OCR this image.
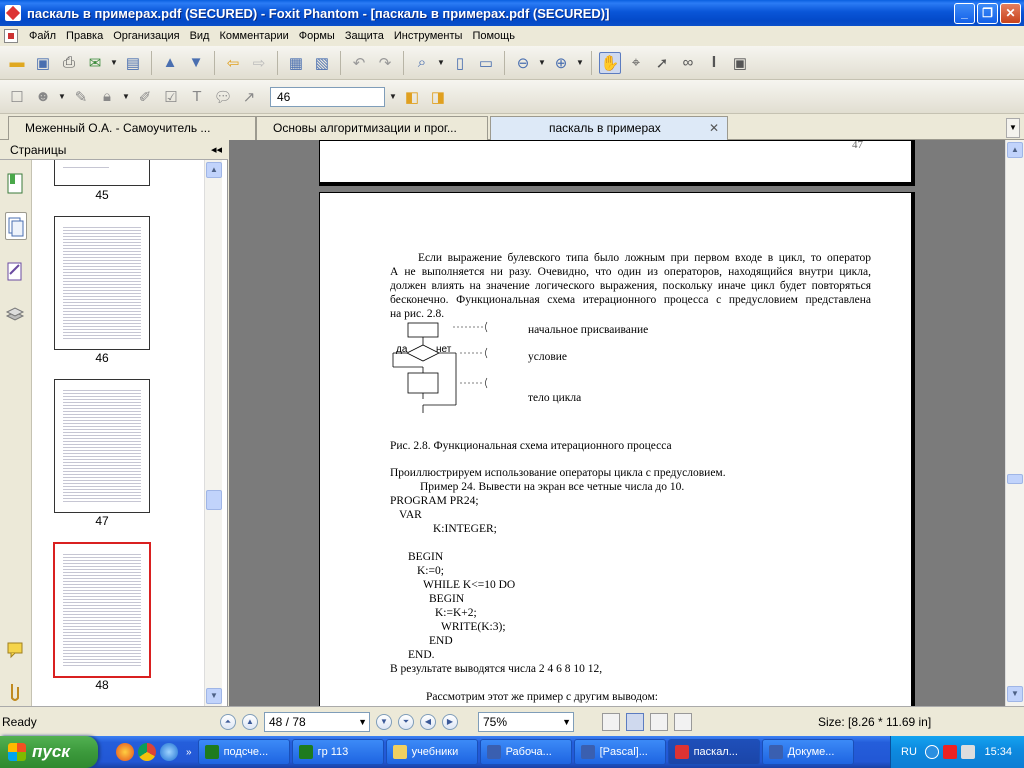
паскаль в примерах.pdf (SECURED) - Foxit Phantom - [паскаль в примерах.pdf (SECURED)]	_	❐	✕
Файл Правка Организация Вид Комментарии Формы Защита Инструменты Помощь
▬ ▣ ⎙ ✉	▼ ▤ ▲ ▼	⇦ ⇨	▦ ▧	↶ ↷	⌕	▼ ▯ ▭	⊖	▼ ⊕	▼ ✋ ⌖	➚ ∞	𝐈	▣
☐ ☻ ▼ ✎	🔒︎	▼ ✐ ☑ T 💬︎ ↗	46	▼ ◧ ◨
Меженный О.А. - Самоучитель ...	Основы алгоритмизации и прог...	паскаль в примерах	✕	▼
Страницы	◂◂
45
46
47
48
▲
▼
47
Если выражение булевского типа было ложным при первом входе в цикл, то оператор
А не выполняется ни разу. Очевидно, что один из операторов, находящийся внутри цикла,
должен влиять на значение логического выражения, поскольку иначе цикл будет повторяться
бесконечно. Функциональная схема итерационного процесса с предусловием представлена
на рис. 2.8.
да	нет
начальное присваивание
условие
тело цикла
Рис. 2.8. Функциональная схема итерационного процесса
Проиллюстрируем использование операторы цикла с предусловием.
Пример 24. Вывести на экран все четные числа до 10.
PROGRAM PR24;
VAR
K:INTEGER;
BEGIN
K:=0;
WHILE K<=10 DO
BEGIN
K:=K+2;
WRITE(K:3);
END
END.
В результате выводятся числа 2 4 6 8 10 12,
Рассмотрим этот же пример с другим выводом:
▲
▼
Ready	⏶	▲	48 / 78	▼	▼	⏷	◀	▶	75%	▼	Size: [8.26 * 11.69 in]
пуск	»	подсче...	гр 113	учебники	Рабоча...	[Pascal]...	паскал...	Докуме...	RU	15:34
